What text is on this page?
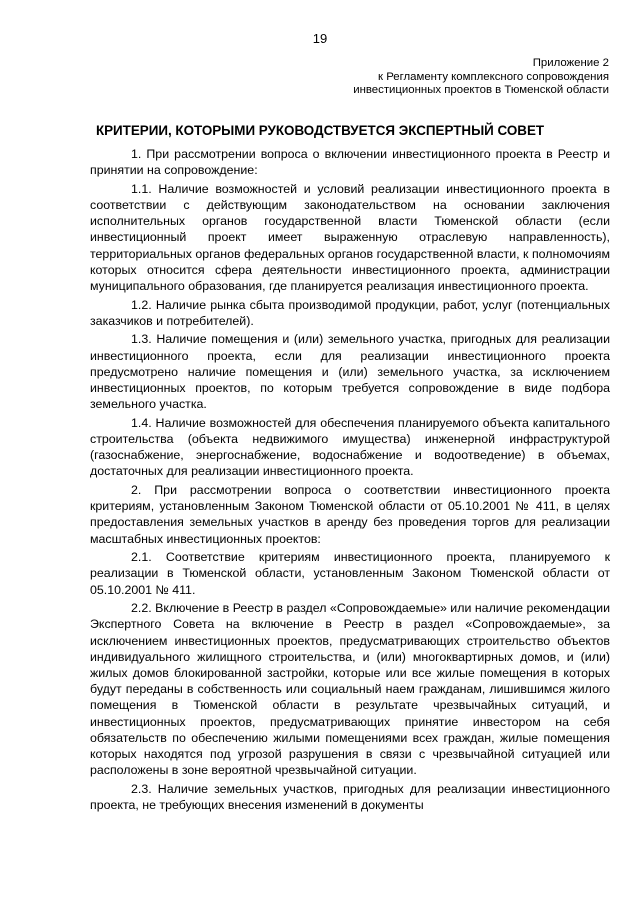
19
Приложение 2
к Регламенту комплексного сопровождения
инвестиционных проектов в Тюменской области
КРИТЕРИИ, КОТОРЫМИ РУКОВОДСТВУЕТСЯ ЭКСПЕРТНЫЙ СОВЕТ

1. При рассмотрении вопроса о включении инвестиционного проекта в Реестр и принятии на сопровождение:

1.1. Наличие возможностей и условий реализации инвестиционного проекта в соответствии с действующим законодательством на основании заключения исполнительных органов государственной власти Тюменской области (если инвестиционный проект имеет выраженную отраслевую направленность), территориальных органов федеральных органов государственной власти, к полномочиям которых относится сфера деятельности инвестиционного проекта, администрации муниципального образования, где планируется реализация инвестиционного проекта.

1.2. Наличие рынка сбыта производимой продукции, работ, услуг (потенциальных заказчиков и потребителей).

1.3. Наличие помещения и (или) земельного участка, пригодных для реализации инвестиционного проекта, если для реализации инвестиционного проекта предусмотрено наличие помещения и (или) земельного участка, за исключением инвестиционных проектов, по которым требуется сопровождение в виде подбора земельного участка.

1.4. Наличие возможностей для обеспечения планируемого объекта капитального строительства (объекта недвижимого имущества) инженерной инфраструктурой (газоснабжение, энергоснабжение, водоснабжение и водоотведение) в объемах, достаточных для реализации инвестиционного проекта.

2. При рассмотрении вопроса о соответствии инвестиционного проекта критериям, установленным Законом Тюменской области от 05.10.2001 № 411, в целях предоставления земельных участков в аренду без проведения торгов для реализации масштабных инвестиционных проектов:

2.1. Соответствие критериям инвестиционного проекта, планируемого к реализации в Тюменской области, установленным Законом Тюменской области от 05.10.2001 № 411.

2.2. Включение в Реестр в раздел «Сопровождаемые» или наличие рекомендации Экспертного Совета на включение в Реестр в раздел «Сопровождаемые», за исключением инвестиционных проектов, предусматривающих строительство объектов индивидуального жилищного строительства, и (или) многоквартирных домов, и (или) жилых домов блокированной застройки, которые или все жилые помещения в которых будут переданы в собственность или социальный наем гражданам, лишившимся жилого помещения в Тюменской области в результате чрезвычайных ситуаций, и инвестиционных проектов, предусматривающих принятие инвестором на себя обязательств по обеспечению жилыми помещениями всех граждан, жилые помещения которых находятся под угрозой разрушения в связи с чрезвычайной ситуацией или расположены в зоне вероятной чрезвычайной ситуации.

2.3. Наличие земельных участков, пригодных для реализации инвестиционного проекта, не требующих внесения изменений в документы
